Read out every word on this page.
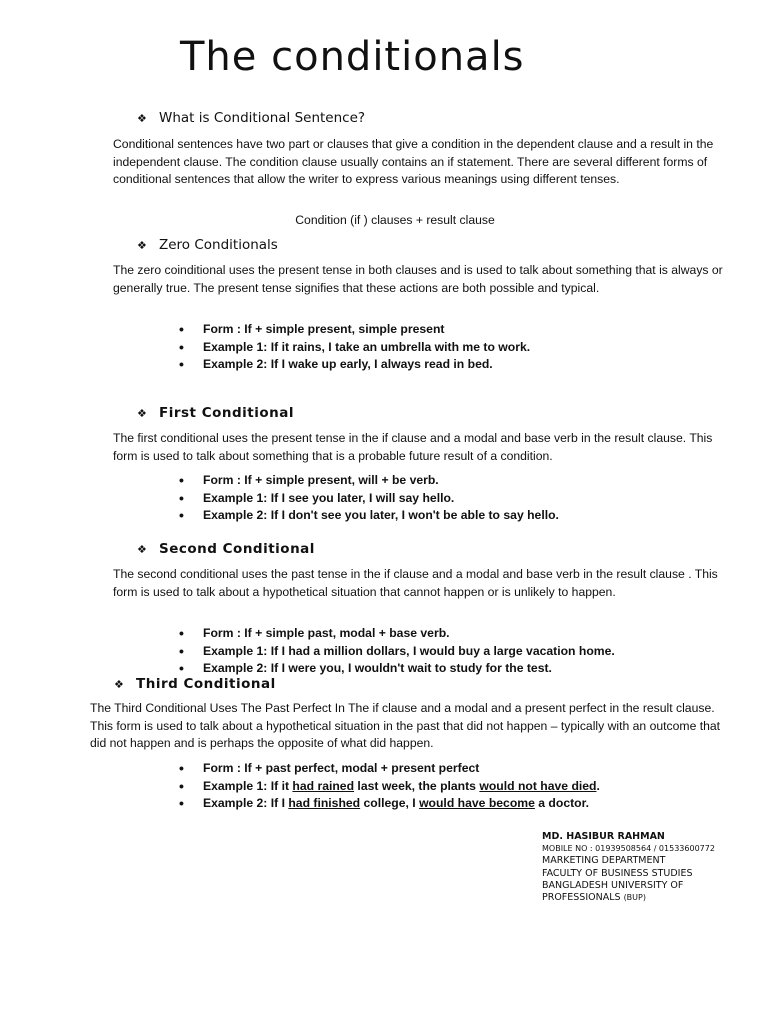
The conditionals
❖ What is Conditional Sentence?

Conditional sentences have two part or clauses that give a condition in the dependent clause and a result in the independent clause. The condition clause usually contains an if statement. There are several different forms of conditional sentences that allow the writer to express various meanings using different tenses.

Condition (if ) clauses + result clause
❖ Zero Conditionals

The zero coinditional uses the present tense in both clauses and is used to talk about something that is always or generally true. The present tense signifies that these actions are both possible and typical.

• Form : If + simple present, simple present
• Example 1: If it rains, I take an umbrella with me to work.
• Example 2: If I wake up early, I always read in bed.
❖ First Conditional

The first conditional uses the present tense in the if clause and a modal and base verb in the result clause. This form is used to talk about something that is a probable future result of a condition.

• Form : If + simple present, will + be verb.
• Example 1: If I see you later, I will say hello.
• Example 2: If I don't see you later, I won't be able to say hello.
❖ Second Conditional

The second conditional uses the past tense in the if clause and a modal and base verb in the result clause . This form is used to talk about a hypothetical situation that cannot happen or is unlikely to happen.

• Form : If + simple past, modal + base verb.
• Example 1: If I had a million dollars, I would buy a large vacation home.
• Example 2: If I were you, I wouldn't wait to study for the test.
❖ Third Conditional

The Third Conditional Uses The Past Perfect In The if clause and a modal and a present perfect in the result clause. This form is used to talk about a hypothetical situation in the past that did not happen – typically with an outcome that did not happen and is perhaps the opposite of what did happen.

• Form : If + past perfect, modal + present perfect
• Example 1: If it had rained last week, the plants would not have died.
• Example 2: If I had finished college, I would have become a doctor.
MD. HASIBUR RAHMAN
MOBILE NO : 01939508564 / 01533600772
MARKETING DEPARTMENT
FACULTY OF BUSINESS STUDIES
BANGLADESH UNIVERSITY OF
PROFESSIONALS (BUP)
